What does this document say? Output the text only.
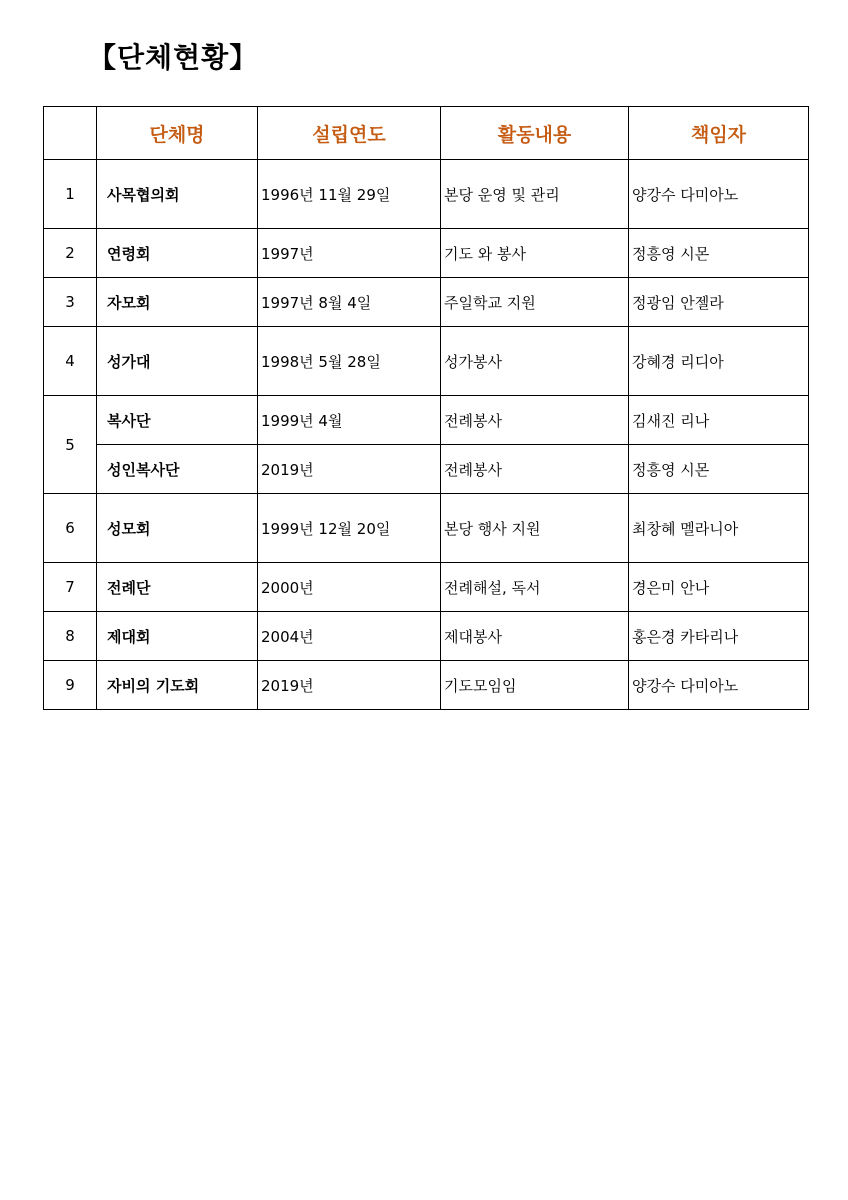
【단체현황】
	단체명	설립연도	활동내용	책임자
1	사목협의회	1996년 11월 29일	본당 운영 및 관리	양강수 다미아노
2	연령회	1997년	기도 와 봉사	정흥영 시몬
3	자모회	1997년 8월 4일	주일학교 지원	정광임 안젤라
4	성가대	1998년 5월 28일	성가봉사	강혜경 리디아
5	복사단	1999년 4월	전례봉사	김새진 리나
	성인복사단	2019년	전례봉사	정흥영 시몬
6	성모회	1999년 12월 20일	본당 행사 지원	최창혜 멜라니아
7	전례단	2000년	전례해설, 독서	경은미 안나
8	제대회	2004년	제대봉사	홍은경 카타리나
9	자비의 기도회	2019년	기도모임임	양강수 다미아노
